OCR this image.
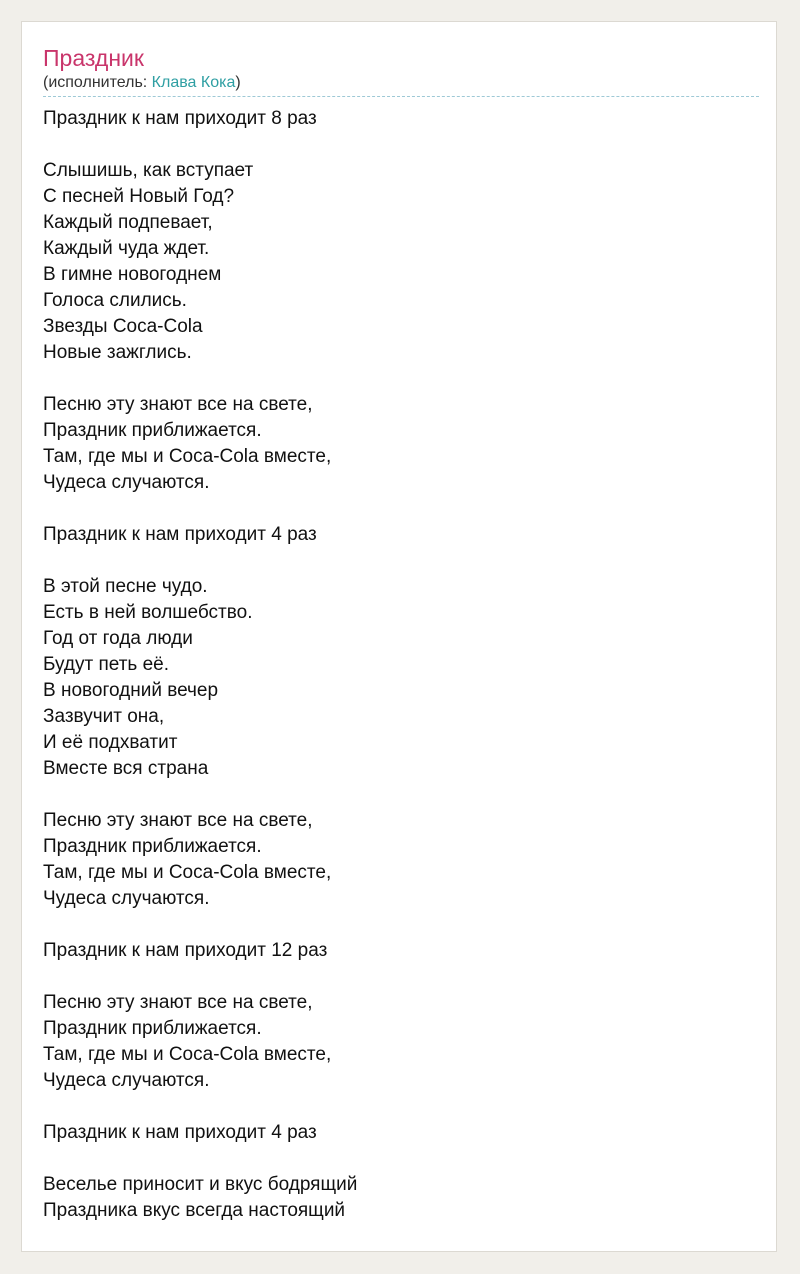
Праздник
(исполнитель: Клава Кока)
Праздник к нам приходит 8 раз
Слышишь, как вступает
С песней Новый Год?
Каждый подпевает,
Каждый чуда ждет.
В гимне новогоднем
Голоса слились.
Звезды Coca-Cola
Новые зажглись.
Песню эту знают все на свете,
Праздник приближается.
Там, где мы и Coca-Cola вместе,
Чудеса случаются.
Праздник к нам приходит 4 раз
В этой песне чудо.
Есть в ней волшебство.
Год от года люди
Будут петь её.
В новогодний вечер
Зазвучит она,
И её подхватит
Вместе вся страна
Песню эту знают все на свете,
Праздник приближается.
Там, где мы и Coca-Cola вместе,
Чудеса случаются.
Праздник к нам приходит 12 раз
Песню эту знают все на свете,
Праздник приближается.
Там, где мы и Coca-Cola вместе,
Чудеса случаются.
Праздник к нам приходит 4 раз
Веселье приносит и вкус бодрящий
Праздника вкус всегда настоящий
